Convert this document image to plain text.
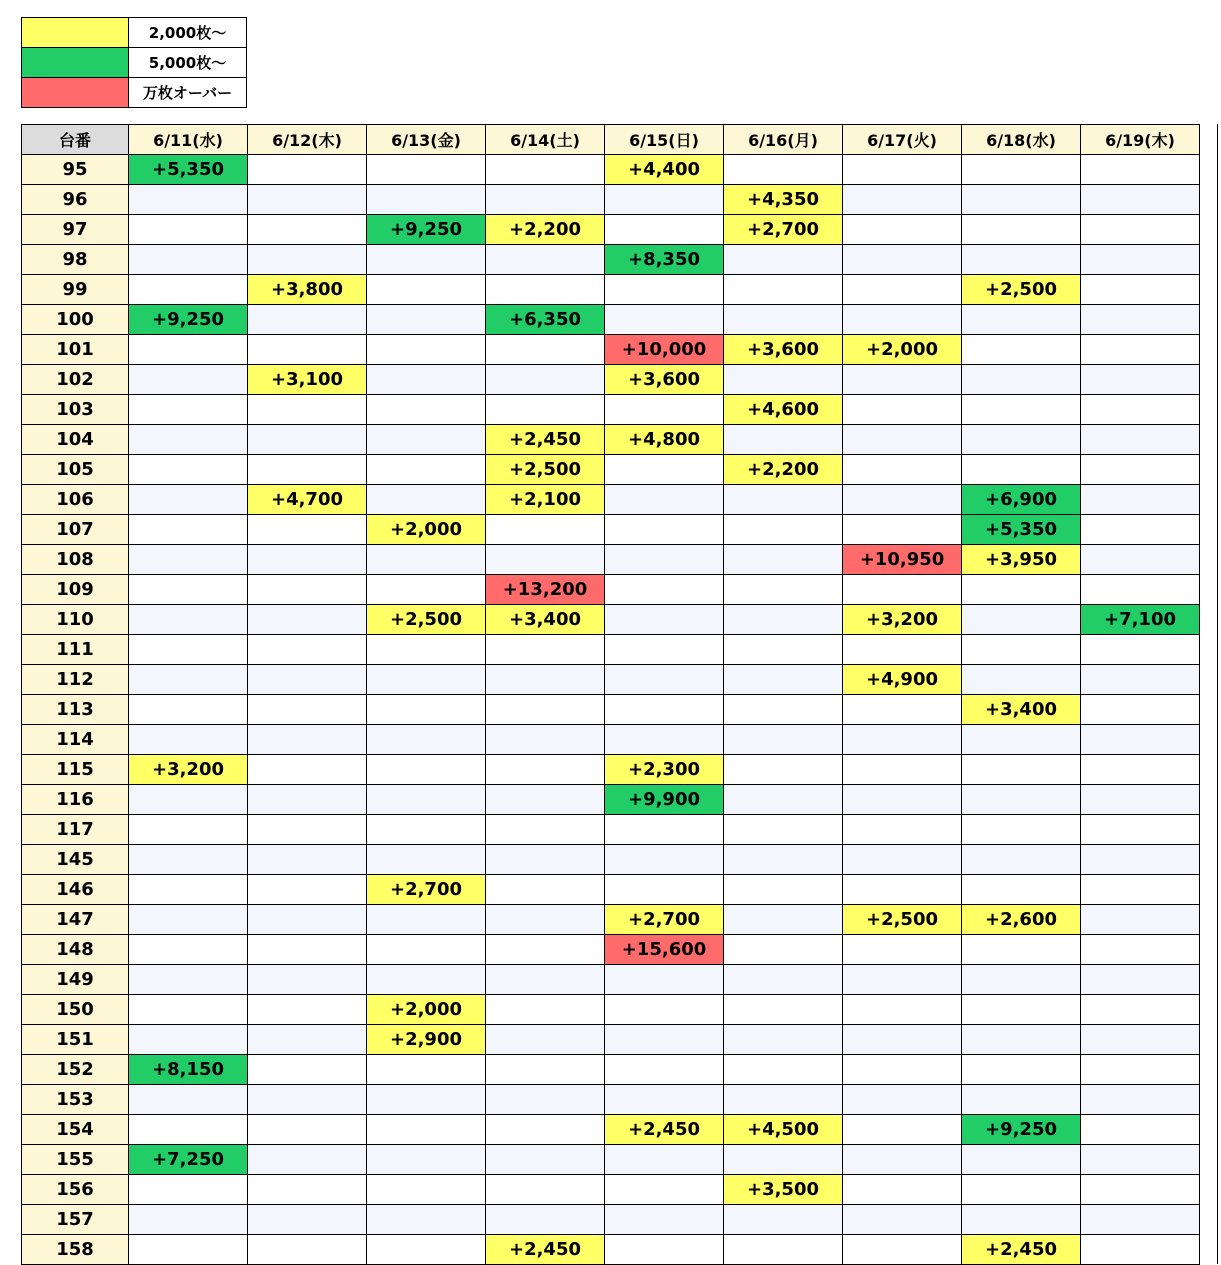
	2,000枚〜
	5,000枚〜
	万枚オーバー
台番	6/11(水)	6/12(木)	6/13(金)	6/14(土)	6/15(日)	6/16(月)	6/17(火)	6/18(水)	6/19(木)
95	+5,350				+4,400				
96						+4,350			
97			+9,250	+2,200		+2,700			
98					+8,350				
99		+3,800						+2,500	
100	+9,250			+6,350					
101					+10,000	+3,600	+2,000		
102		+3,100			+3,600				
103						+4,600			
104				+2,450	+4,800				
105				+2,500		+2,200			
106		+4,700		+2,100				+6,900	
107			+2,000					+5,350	
108							+10,950	+3,950	
109				+13,200					
110			+2,500	+3,400			+3,200		+7,100
111									
112							+4,900		
113								+3,400	
114									
115	+3,200				+2,300				
116					+9,900				
117									
145									
146			+2,700						
147					+2,700		+2,500	+2,600	
148					+15,600				
149									
150			+2,000						
151			+2,900						
152	+8,150								
153									
154					+2,450	+4,500		+9,250	
155	+7,250								
156						+3,500			
157									
158				+2,450				+2,450	
